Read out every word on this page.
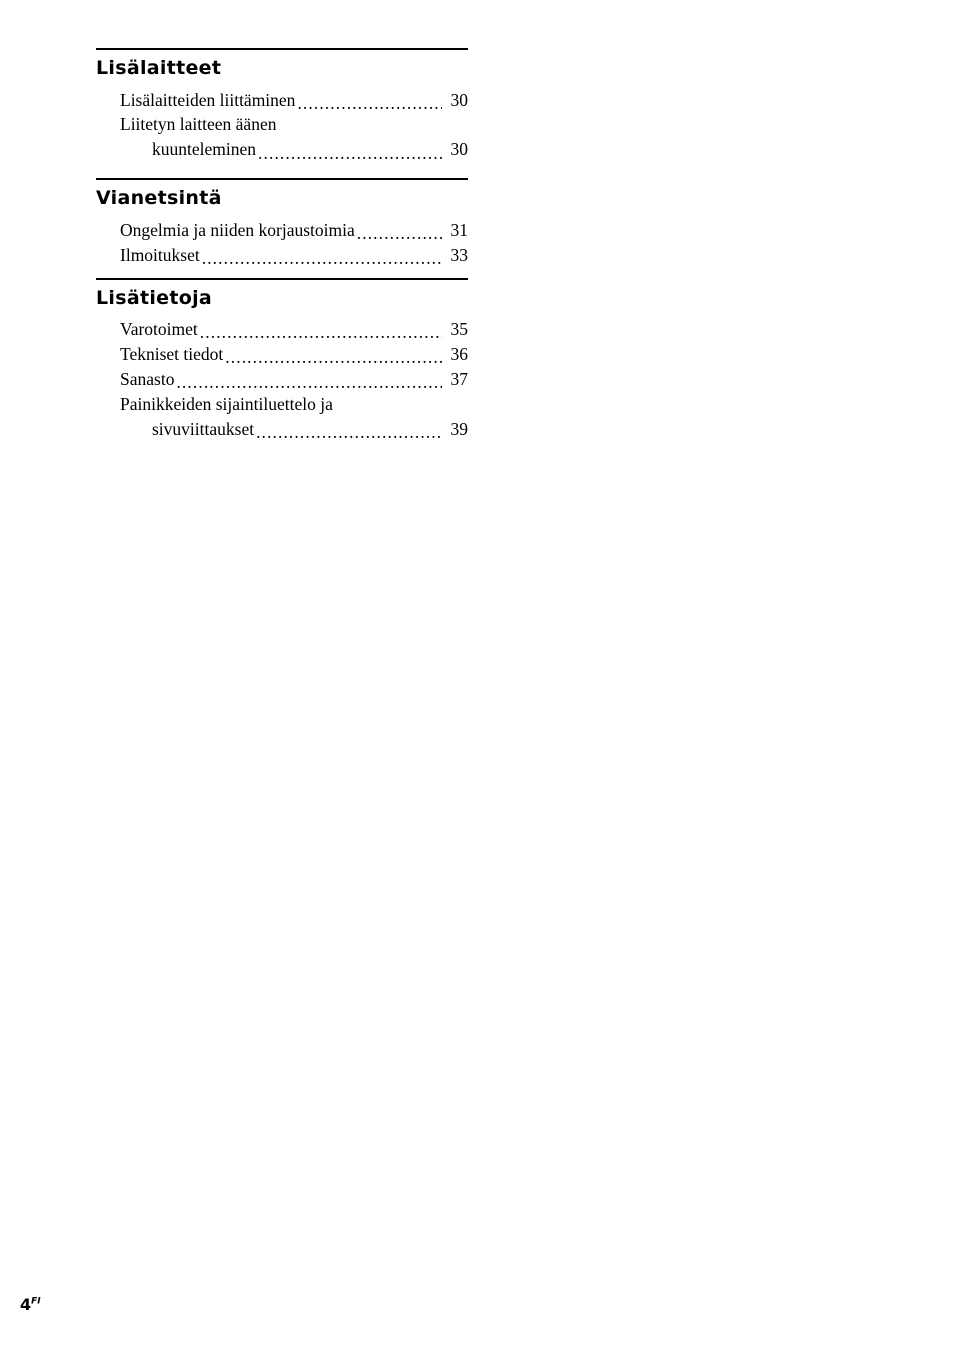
Lisälaitteet
Lisälaitteiden liittäminen .....	30
Liitetyn laitteen äänen
kuunteleminen .....	30
Vianetsintä
Ongelmia ja niiden korjaustoimia .....	31
Ilmoitukset .....	33
Lisätietoja
Varotoimet .....	35
Tekniset tiedot .....	36
Sanasto .....	37
Painikkeiden sijaintiluettelo ja
sivuviittaukset .....	39
$4^{FI}$
